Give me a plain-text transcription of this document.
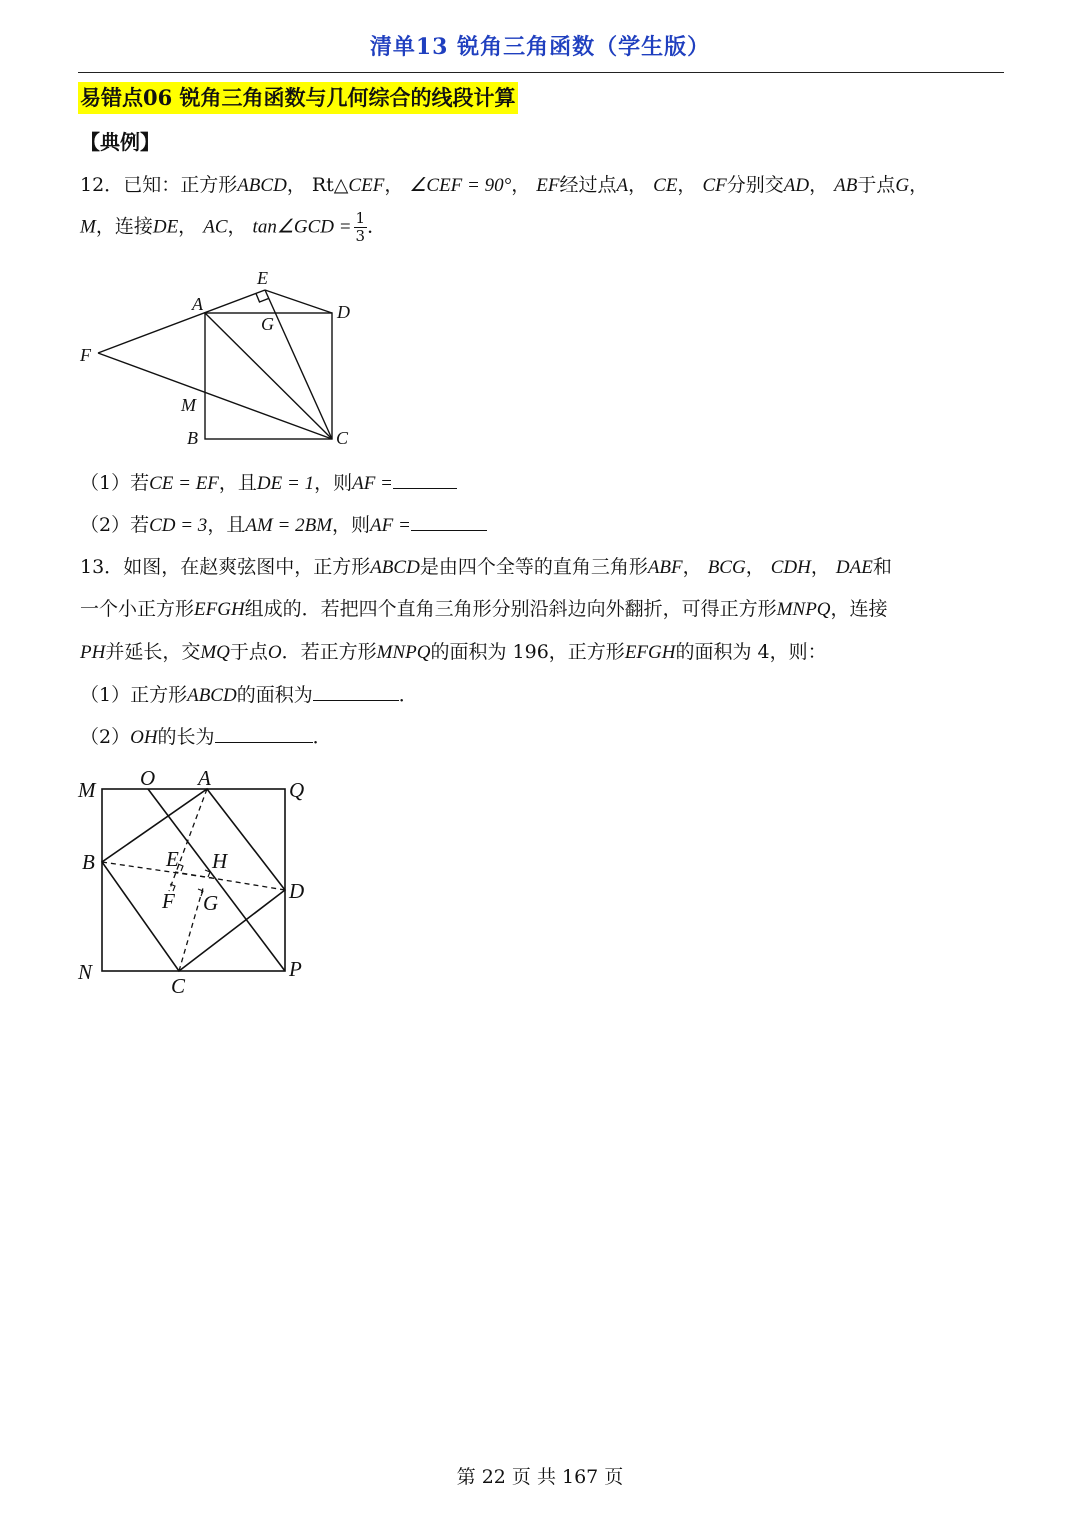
清单13 锐角三角函数（学生版）
易错点06 锐角三角函数与几何综合的线段计算
【典例】
12．已知：正方形ABCD， Rt△CEF， ∠CEF = 90°， EF经过点A， CE， CF分别交AD， AB于点G，
M，连接DE， AC， tan∠GCD = $\frac{1}{3}$ ．
E
A	D
G
F
M
B	C
（1）若CE = EF，且DE = 1，则AF =
（2）若CD = 3，且AM = 2BM，则AF =
13．如图，在赵爽弦图中，正方形ABCD是由四个全等的直角三角形ABF， BCG， CDH， DAE和
一个小正方形EFGH组成的．若把四个直角三角形分别沿斜边向外翻折，可得正方形MNPQ，连接
PH并延长，交MQ于点O．若正方形MNPQ的面积为 196，正方形EFGH的面积为 4，则：
（1）正方形ABCD的面积为	．
（2）OH的长为	．
M O A	Q
B	E H
D
F G
N
C
P
第 22 页 共 167 页
